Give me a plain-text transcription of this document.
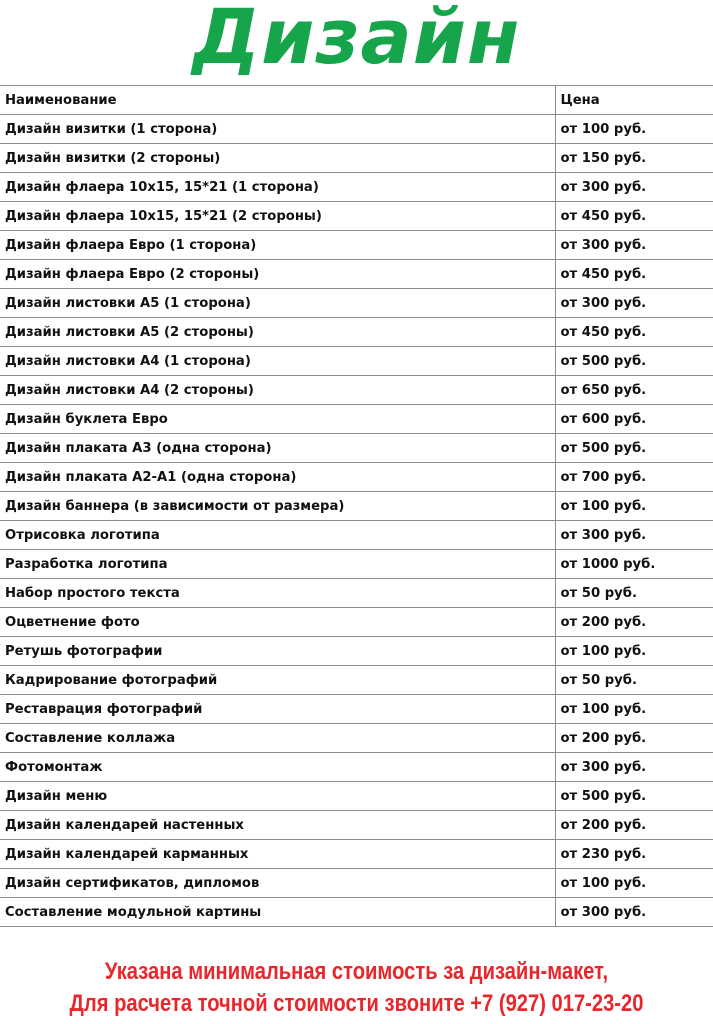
Дизайн
Наименование	Цена
Дизайн визитки (1 сторона)	от 100 руб.
Дизайн визитки (2 стороны)	от 150 руб.
Дизайн флаера 10х15, 15*21 (1 сторона)	от 300 руб.
Дизайн флаера 10х15, 15*21 (2 стороны)	от 450 руб.
Дизайн флаера Евро (1 сторона)	от 300 руб.
Дизайн флаера Евро (2 стороны)	от 450 руб.
Дизайн листовки А5 (1 сторона)	от 300 руб.
Дизайн листовки А5 (2 стороны)	от 450 руб.
Дизайн листовки А4 (1 сторона)	от 500 руб.
Дизайн листовки А4 (2 стороны)	от 650 руб.
Дизайн буклета Евро	от 600 руб.
Дизайн плаката А3 (одна сторона)	от 500 руб.
Дизайн плаката А2-А1 (одна сторона)	от 700 руб.
Дизайн баннера (в зависимости от размера)	от 100 руб.
Отрисовка логотипа	от 300 руб.
Разработка логотипа	от 1000 руб.
Набор простого текста	от 50 руб.
Оцветнение фото	от 200 руб.
Ретушь фотографии	от 100 руб.
Кадрирование фотографий	от 50 руб.
Реставрация фотографий	от 100 руб.
Составление коллажа	от 200 руб.
Фотомонтаж	от 300 руб.
Дизайн меню	от 500 руб.
Дизайн календарей настенных	от 200 руб.
Дизайн календарей карманных	от 230 руб.
Дизайн сертификатов, дипломов	от 100 руб.
Составление модульной картины	от 300 руб.
Указана минимальная стоимость за дизайн-макет,
Для расчета точной стоимости звоните +7 (927) 017-23-20
